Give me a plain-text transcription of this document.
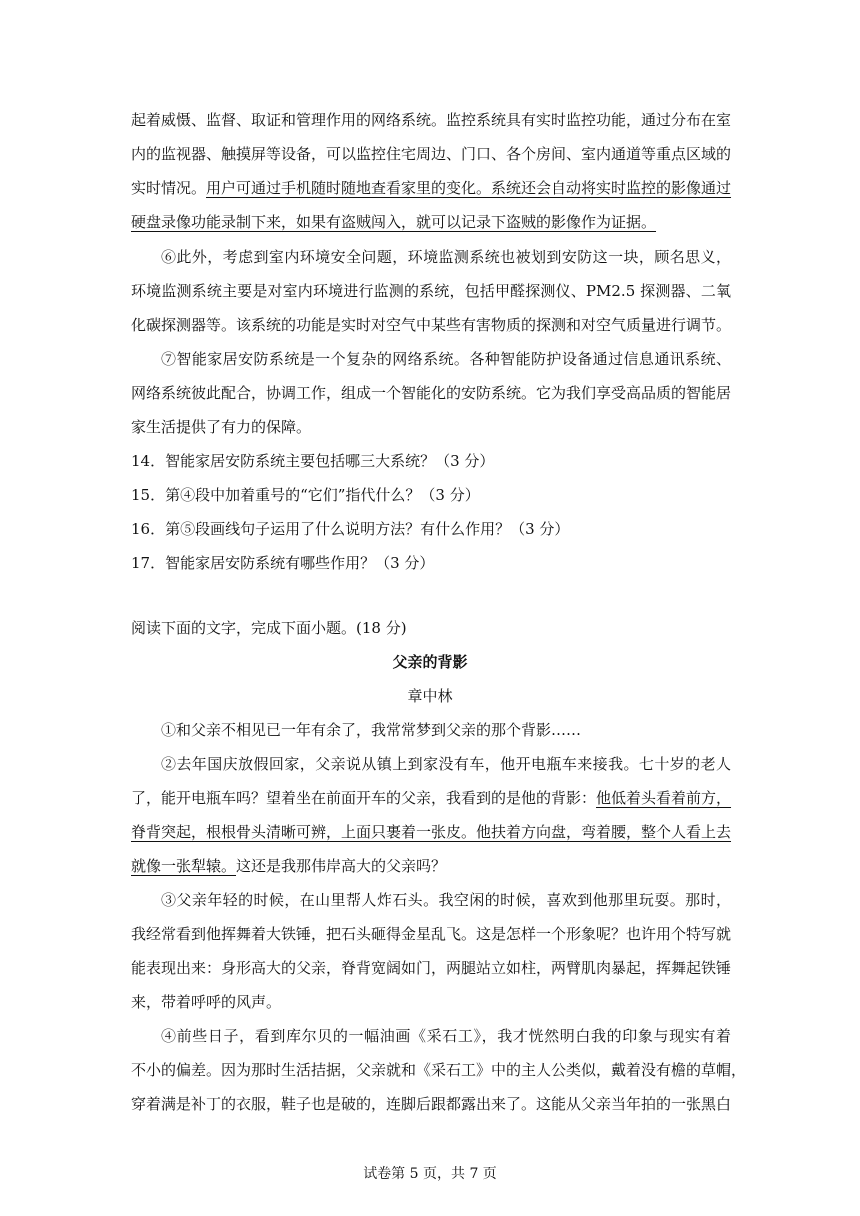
起着威慑、监督、取证和管理作用的网络系统。监控系统具有实时监控功能，通过分布在室
内的监视器、触摸屏等设备，可以监控住宅周边、门口、各个房间、室内通道等重点区域的
实时情况。用户可通过手机随时随地查看家里的变化。系统还会自动将实时监控的影像通过
硬盘录像功能录制下来，如果有盗贼闯入，就可以记录下盗贼的影像作为证据。
⑥此外，考虑到室内环境安全问题，环境监测系统也被划到安防这一块，顾名思义，
环境监测系统主要是对室内环境进行监测的系统，包括甲醛探测仪、PM2.5 探测器、二氧
化碳探测器等。该系统的功能是实时对空气中某些有害物质的探测和对空气质量进行调节。
⑦智能家居安防系统是一个复杂的网络系统。各种智能防护设备通过信息通讯系统、
网络系统彼此配合，协调工作，组成一个智能化的安防系统。它为我们享受高品质的智能居
家生活提供了有力的保障。
14．智能家居安防系统主要包括哪三大系统？（3 分）
15．第④段中加着重号的“它们”指代什么？（3 分）
16．第⑤段画线句子运用了什么说明方法？有什么作用？（3 分）
17．智能家居安防系统有哪些作用？（3 分）
阅读下面的文字，完成下面小题。(18 分)
父亲的背影
章中林
①和父亲不相见已一年有余了，我常常梦到父亲的那个背影……
②去年国庆放假回家，父亲说从镇上到家没有车，他开电瓶车来接我。七十岁的老人
了，能开电瓶车吗？望着坐在前面开车的父亲，我看到的是他的背影：他低着头看着前方，
脊背突起，根根骨头清晰可辨，上面只裹着一张皮。他扶着方向盘，弯着腰，整个人看上去
就像一张犁辕。这还是我那伟岸高大的父亲吗？
③父亲年轻的时候，在山里帮人炸石头。我空闲的时候，喜欢到他那里玩耍。那时，
我经常看到他挥舞着大铁锤，把石头砸得金星乱飞。这是怎样一个形象呢？也许用个特写就
能表现出来：身形高大的父亲，脊背宽阔如门，两腿站立如柱，两臂肌肉暴起，挥舞起铁锤
来，带着呼呼的风声。
④前些日子，看到库尔贝的一幅油画《采石工》，我才恍然明白我的印象与现实有着
不小的偏差。因为那时生活拮据，父亲就和《采石工》中的主人公类似，戴着没有檐的草帽，
穿着满是补丁的衣服，鞋子也是破的，连脚后跟都露出来了。这能从父亲当年拍的一张黑白
试卷第 5 页，共 7 页
